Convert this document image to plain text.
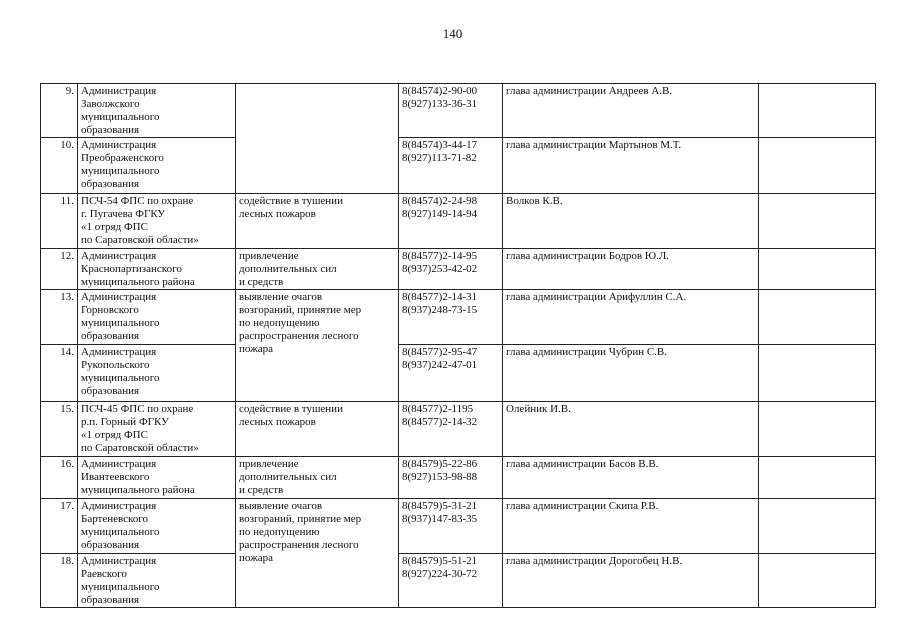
140
9.	Администрация
Заволжского
муниципального
образования		8(84574)2-90-00
8(927)133-36-31	глава администрации Андреев А.В.	
10.	Администрация
Преображенского
муниципального
образования		8(84574)3-44-17
8(927)113-71-82	глава администрации Мартынов М.Т.	
11.	ПСЧ-54 ФПС по охране
г. Пугачева ФГКУ
«1 отряд ФПС
по Саратовской области»	содействие в тушении
лесных пожаров	8(84574)2-24-98
8(927)149-14-94	Волков К.В.	
12.	Администрация
Краснопартизанского
муниципального района	привлечение
дополнительных сил
и средств	8(84577)2-14-95
8(937)253-42-02	глава администрации Бодров Ю.Л.	
13.	Администрация
Горновского
муниципального
образования	выявление очагов
возгораний, принятие мер
по недопущению
распространения лесного
пожара	8(84577)2-14-31
8(937)248-73-15	глава администрации Арифуллин С.А.	
14.	Администрация
Рукопольского
муниципального
образования		8(84577)2-95-47
8(937)242-47-01	глава администрации Чубрин С.В.	
15.	ПСЧ-45 ФПС по охране
р.п. Горный ФГКУ
«1 отряд ФПС
по Саратовской области»	содействие в тушении
лесных пожаров	8(84577)2-1195
8(84577)2-14-32	Олейник И.В.	
16.	Администрация
Ивантеевского
муниципального района	привлечение
дополнительных сил
и средств	8(84579)5-22-86
8(927)153-98-88	глава администрации Басов В.В.	
17.	Администрация
Бартеневского
муниципального
образования	выявление очагов
возгораний, принятие мер
по недопущению
распространения лесного
пожара	8(84579)5-31-21
8(937)147-83-35	глава администрации Скипа Р.В.	
18.	Администрация
Раевского
муниципального
образования		8(84579)5-51-21
8(927)224-30-72	глава администрации Дорогобец Н.В.	
